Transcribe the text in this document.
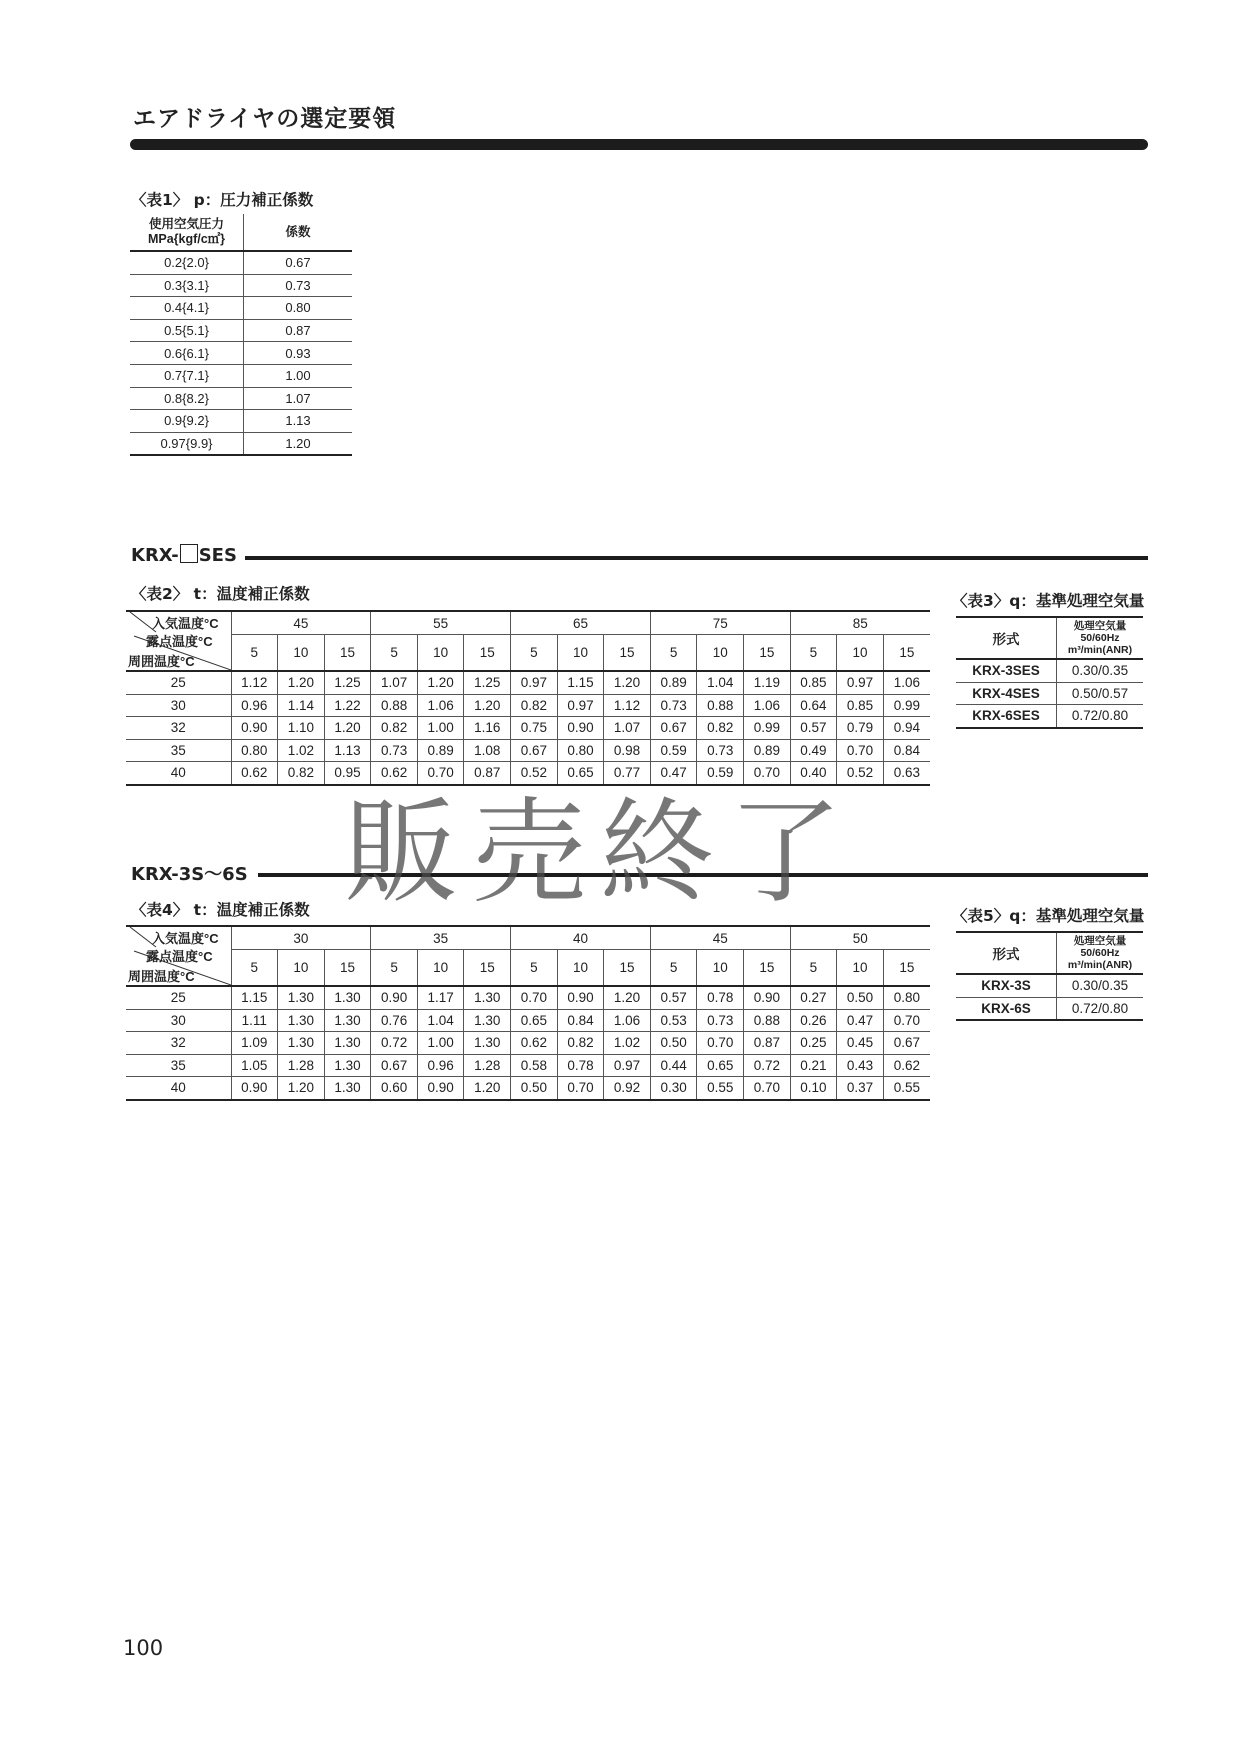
エアドライヤの選定要領
〈表1〉 p：圧力補正係数
使用空気圧力
MPa{kgf/c㎡}	係数
0.2{2.0}	0.67
0.3{3.1}	0.73
0.4{4.1}	0.80
0.5{5.1}	0.87
0.6{6.1}	0.93
0.7{7.1}	1.00
0.8{8.2}	1.07
0.9{9.2}	1.13
0.97{9.9}	1.20
KRX- SES
〈表2〉 t：温度補正係数
入気温度°C
露点温度°C
周囲温度°C	45			55			65			75			85		
	5	10	15	5	10	15	5	10	15	5	10	15	5	10	15
25	1.12	1.20	1.25	1.07	1.20	1.25	0.97	1.15	1.20	0.89	1.04	1.19	0.85	0.97	1.06
30	0.96	1.14	1.22	0.88	1.06	1.20	0.82	0.97	1.12	0.73	0.88	1.06	0.64	0.85	0.99
32	0.90	1.10	1.20	0.82	1.00	1.16	0.75	0.90	1.07	0.67	0.82	0.99	0.57	0.79	0.94
35	0.80	1.02	1.13	0.73	0.89	1.08	0.67	0.80	0.98	0.59	0.73	0.89	0.49	0.70	0.84
40	0.62	0.82	0.95	0.62	0.70	0.87	0.52	0.65	0.77	0.47	0.59	0.70	0.40	0.52	0.63
〈表3〉q：基準処理空気量
形式	処理空気量
50/60Hz
m³/min(ANR)

KRX-3SES	0.30/0.35
KRX-4SES	0.50/0.57
KRX-6SES	0.72/0.80
KRX-3S～6S
〈表4〉 t：温度補正係数
入気温度°C
露点温度°C
周囲温度°C	30			35			40			45			50		
	5	10	15	5	10	15	5	10	15	5	10	15	5	10	15
25	1.15	1.30	1.30	0.90	1.17	1.30	0.70	0.90	1.20	0.57	0.78	0.90	0.27	0.50	0.80
30	1.11	1.30	1.30	0.76	1.04	1.30	0.65	0.84	1.06	0.53	0.73	0.88	0.26	0.47	0.70
32	1.09	1.30	1.30	0.72	1.00	1.30	0.62	0.82	1.02	0.50	0.70	0.87	0.25	0.45	0.67
35	1.05	1.28	1.30	0.67	0.96	1.28	0.58	0.78	0.97	0.44	0.65	0.72	0.21	0.43	0.62
40	0.90	1.20	1.30	0.60	0.90	1.20	0.50	0.70	0.92	0.30	0.55	0.70	0.10	0.37	0.55
〈表5〉q：基準処理空気量
形式	処理空気量
50/60Hz
m³/min(ANR)

KRX-3S	0.30/0.35
KRX-6S	0.72/0.80
販売終了
100
